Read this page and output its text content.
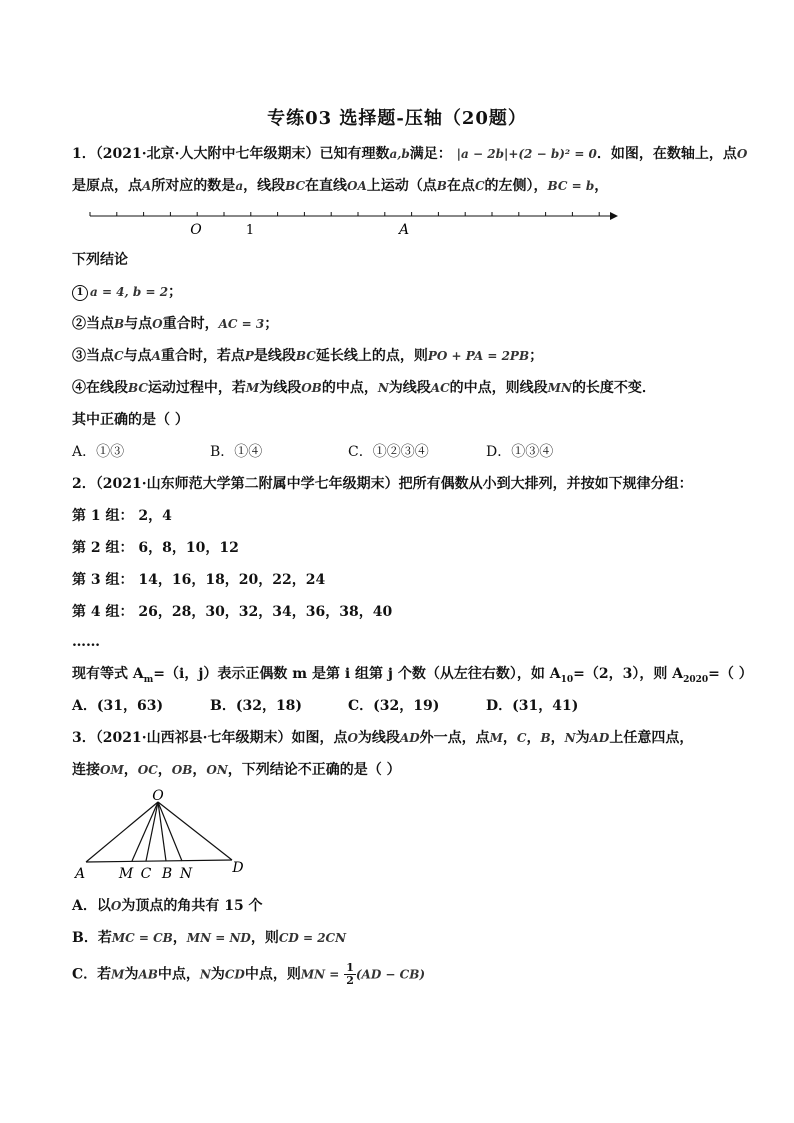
专练03 选择题-压轴（20题）
1．（2021·北京·人大附中七年级期末）已知有理数a,b满足： |a − 2b|+(2 − b)² = 0．如图，在数轴上，点O
是原点，点A所对应的数是a，线段BC在直线OA上运动（点B在点C的左侧），BC = b，
O	1	A
下列结论
1 a = 4, b = 2；
②当点B与点O重合时，AC = 3；
③当点C与点A重合时，若点P是线段BC延长线上的点，则PO + PA = 2PB；
④在线段BC运动过程中，若M为线段OB的中点，N为线段AC的中点，则线段MN的长度不变．
其中正确的是（ ）
A．①③	B．①④	C．①②③④	D．①③④
2．（2021·山东师范大学第二附属中学七年级期末）把所有偶数从小到大排列，并按如下规律分组：
第 1 组： 2，4
第 2 组： 6，8，10，12
第 3 组： 14，16，18，20，22，24
第 4 组： 26，28，30，32，34，36，38，40
……
现有等式 $A_m=(i$，j）表示正偶数 m 是第 i 组第 j 个数（从左往右数），如 $A_{10}=(2$，3），则 $A_{2020}=$（ ）
A．(31，63)	B．(32，18)	C．(32，19)	D．(31，41)
3．（2021·山西祁县·七年级期末）如图，点O为线段AD外一点，点M，C，B，N为AD上任意四点，
连接OM，OC，OB，ON，下列结论不正确的是（ ）
O
A M C B N	D
A．以O为顶点的角共有 15 个
B．若MC = CB，MN = ND，则CD = 2CN
C．若M为AB中点，N为CD中点，则MN = $\frac{1}{2} (AD - CB)$
